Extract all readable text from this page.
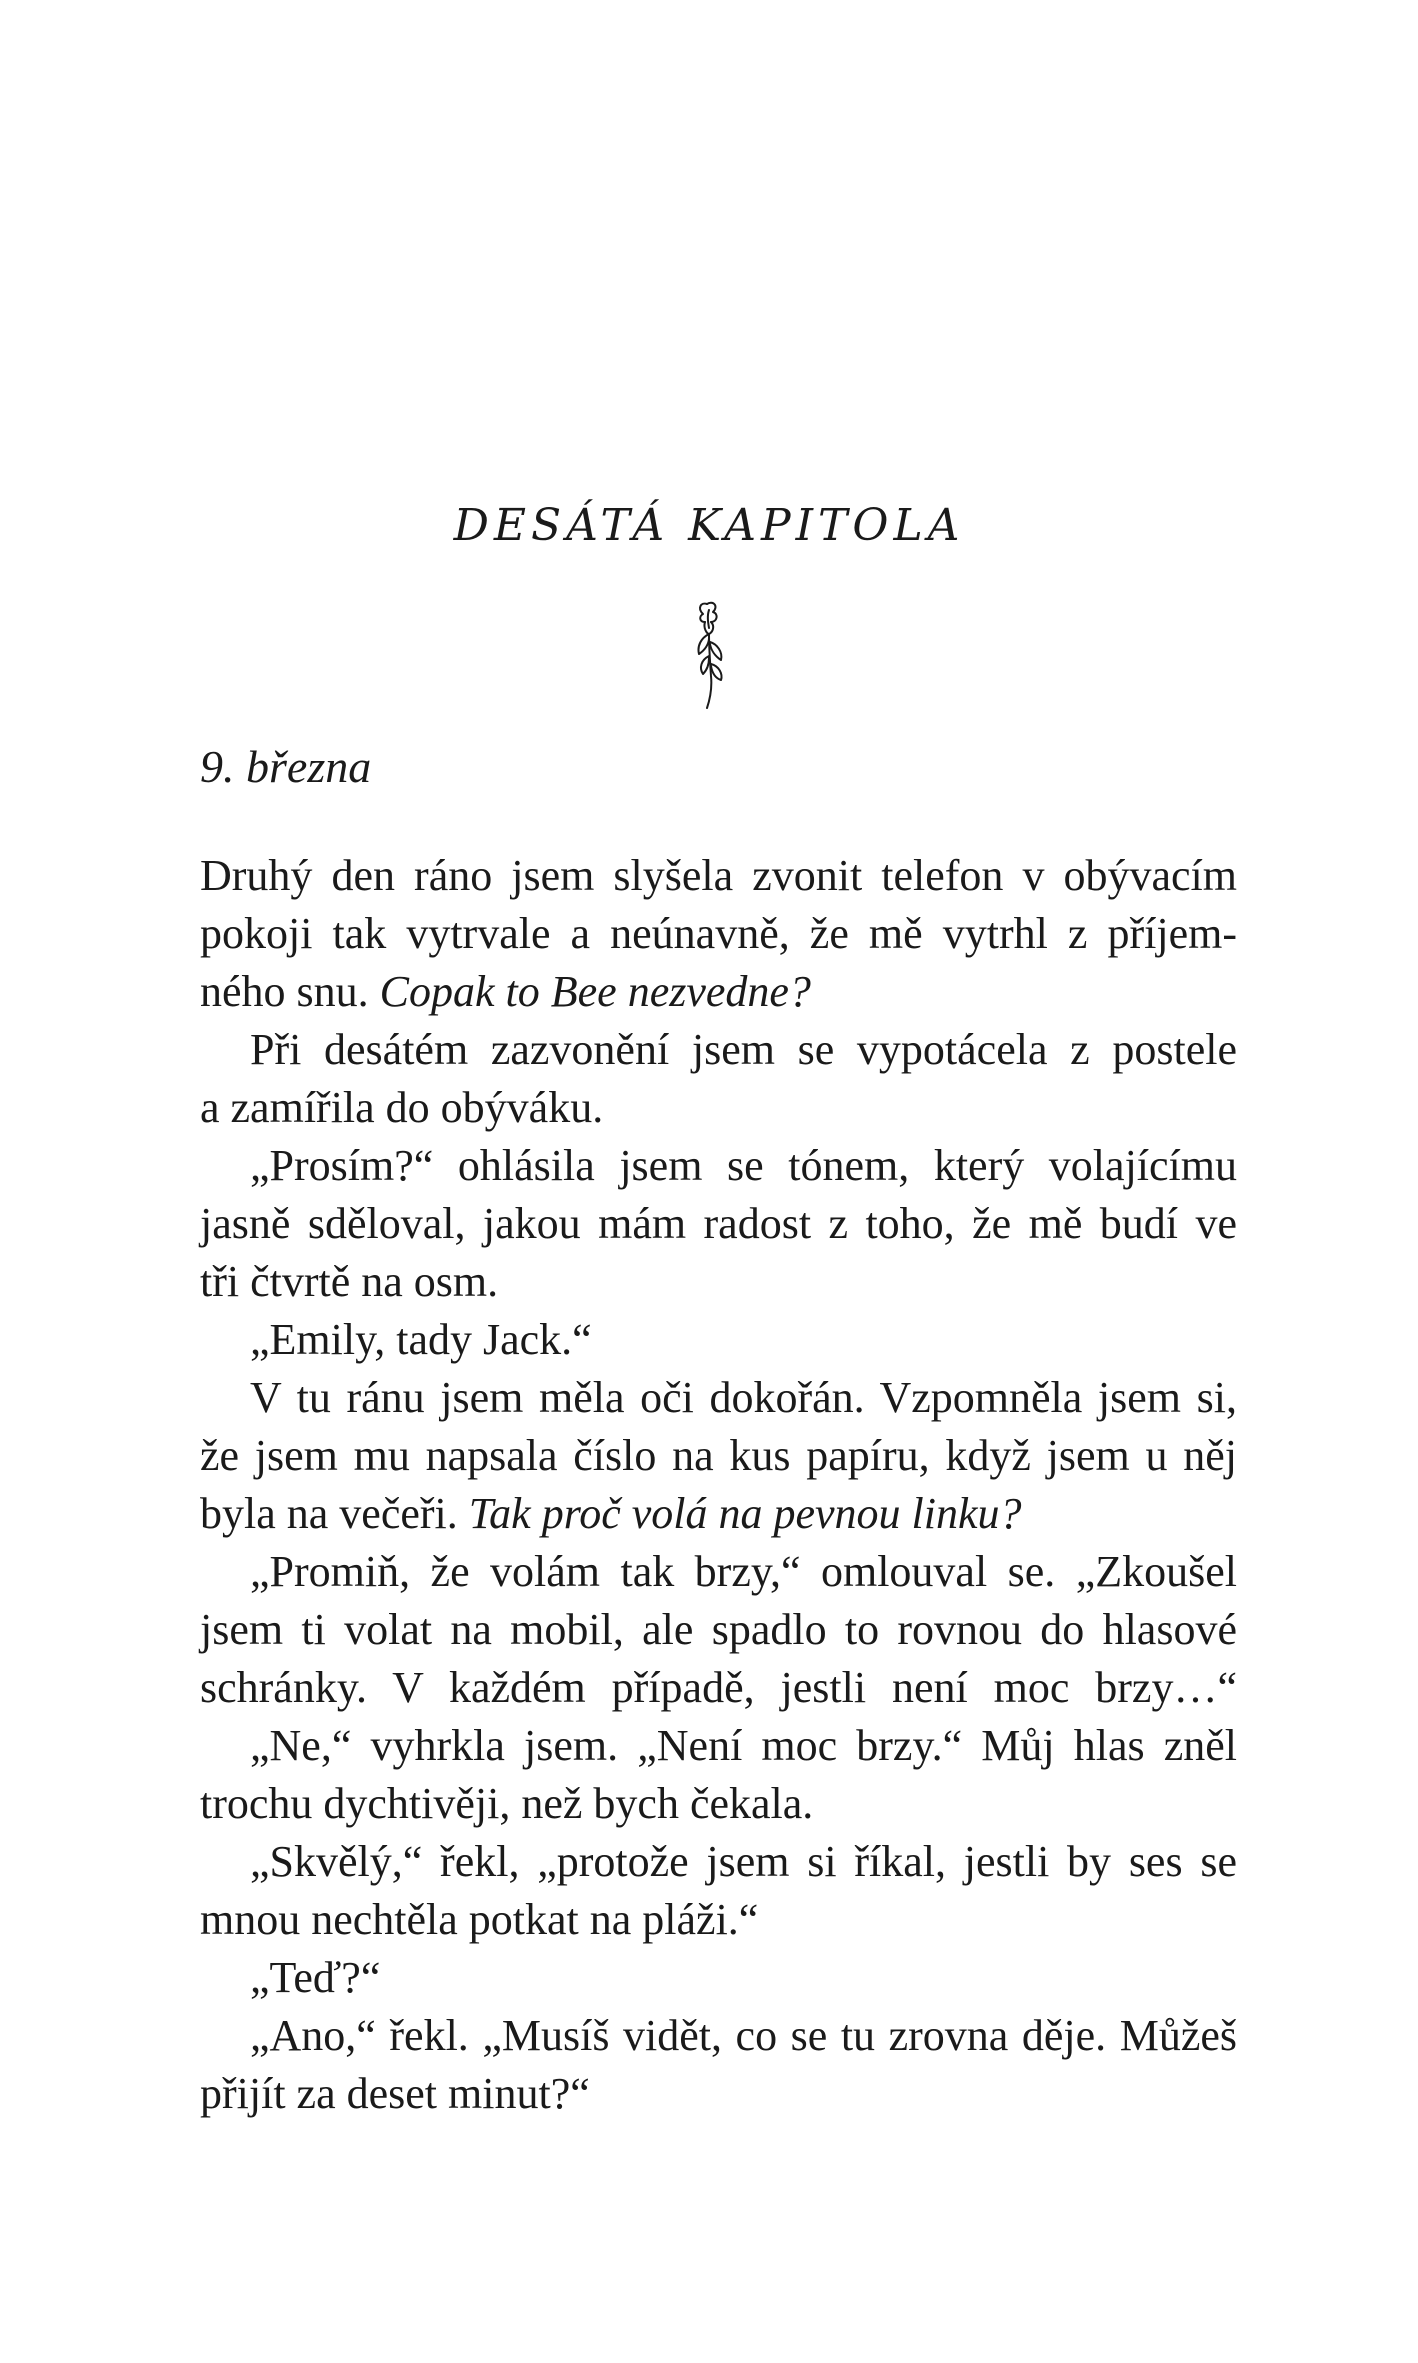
DESÁTÁ KAPITOLA

9. března

Druhý den ráno jsem slyšela zvonit telefon v obývacím
pokoji tak vytrvale a neúnavně, že mě vytrhl z příjem-
ného snu. Copak to Bee nezvedne?
Při desátém zazvonění jsem se vypotácela z postele
a zamířila do obýváku.
„Prosím?“ ohlásila jsem se tónem, který volajícímu
jasně sděloval, jakou mám radost z toho, že mě budí ve
tři čtvrtě na osm.
„Emily, tady Jack.“
V tu ránu jsem měla oči dokořán. Vzpomněla jsem si,
že jsem mu napsala číslo na kus papíru, když jsem u něj
byla na večeři. Tak proč volá na pevnou linku?
„Promiň, že volám tak brzy,“ omlouval se. „Zkoušel
jsem ti volat na mobil, ale spadlo to rovnou do hlasové
schránky. V každém případě, jestli není moc brzy…“
„Ne,“ vyhrkla jsem. „Není moc brzy.“ Můj hlas zněl
trochu dychtivěji, než bych čekala.
„Skvělý,“ řekl, „protože jsem si říkal, jestli by ses se
mnou nechtěla potkat na pláži.“
„Teď?“
„Ano,“ řekl. „Musíš vidět, co se tu zrovna děje. Můžeš
přijít za deset minut?“
